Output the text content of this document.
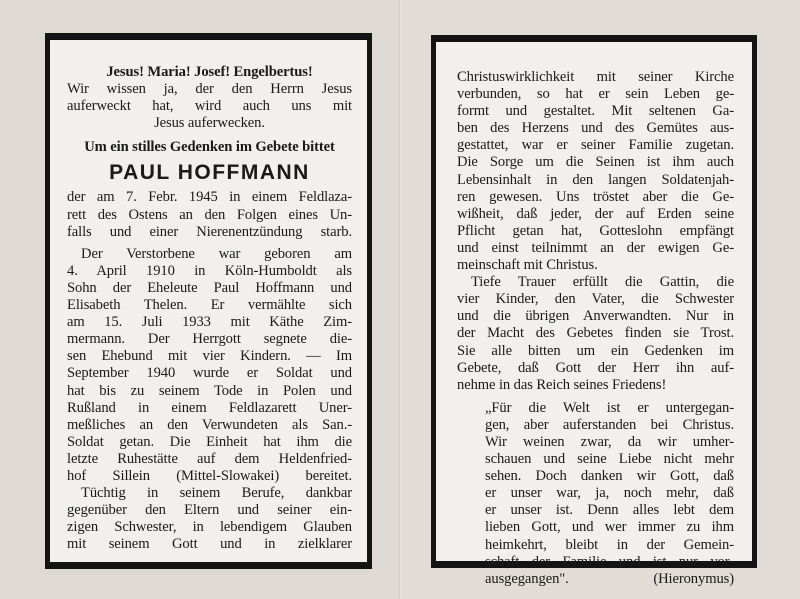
Jesus! Maria! Josef! Engelbertus!
Wir wissen ja, der den Herrn Jesus
auferweckt hat, wird auch uns mit
Jesus auferwecken.
Um ein stilles Gedenken im Gebete bittet
PAUL HOFFMANN
der am 7. Febr. 1945 in einem Feldlaza-
rett des Ostens an den Folgen eines Un-
falls und einer Nierenentzündung starb.
Der Verstorbene war geboren am
4. April 1910 in Köln-Humboldt als
Sohn der Eheleute Paul Hoffmann und
Elisabeth Thelen. Er vermählte sich
am 15. Juli 1933 mit Käthe Zim-
mermann. Der Herrgott segnete die-
sen Ehebund mit vier Kindern. — Im
September 1940 wurde er Soldat und
hat bis zu seinem Tode in Polen und
Rußland in einem Feldlazarett Uner-
meßliches an den Verwundeten als San.-
Soldat getan. Die Einheit hat ihm die
letzte Ruhestätte auf dem Heldenfried-
hof Sillein (Mittel-Slowakei) bereitet.
Tüchtig in seinem Berufe, dankbar
gegenüber den Eltern und seiner ein-
zigen Schwester, in lebendigem Glauben
mit seinem Gott und in zielklarer
Christuswirklichkeit mit seiner Kirche
verbunden, so hat er sein Leben ge-
formt und gestaltet. Mit seltenen Ga-
ben des Herzens und des Gemütes aus-
gestattet, war er seiner Familie zugetan.
Die Sorge um die Seinen ist ihm auch
Lebensinhalt in den langen Soldatenjah-
ren gewesen. Uns tröstet aber die Ge-
wißheit, daß jeder, der auf Erden seine
Pflicht getan hat, Gotteslohn empfängt
und einst teilnimmt an der ewigen Ge-
meinschaft mit Christus.
Tiefe Trauer erfüllt die Gattin, die
vier Kinder, den Vater, die Schwester
und die übrigen Anverwandten. Nur in
der Macht des Gebetes finden sie Trost.
Sie alle bitten um ein Gedenken im
Gebete, daß Gott der Herr ihn auf-
nehme in das Reich seines Friedens!
„Für die Welt ist er untergegan-
gen, aber auferstanden bei Christus.
Wir weinen zwar, da wir umher-
schauen und seine Liebe nicht mehr
sehen. Doch danken wir Gott, daß
er unser war, ja, noch mehr, daß
er unser ist. Denn alles lebt dem
lieben Gott, und wer immer zu ihm
heimkehrt, bleibt in der Gemein-
schaft der Familie und ist nur vor-
ausgegangen". (Hieronymus)
